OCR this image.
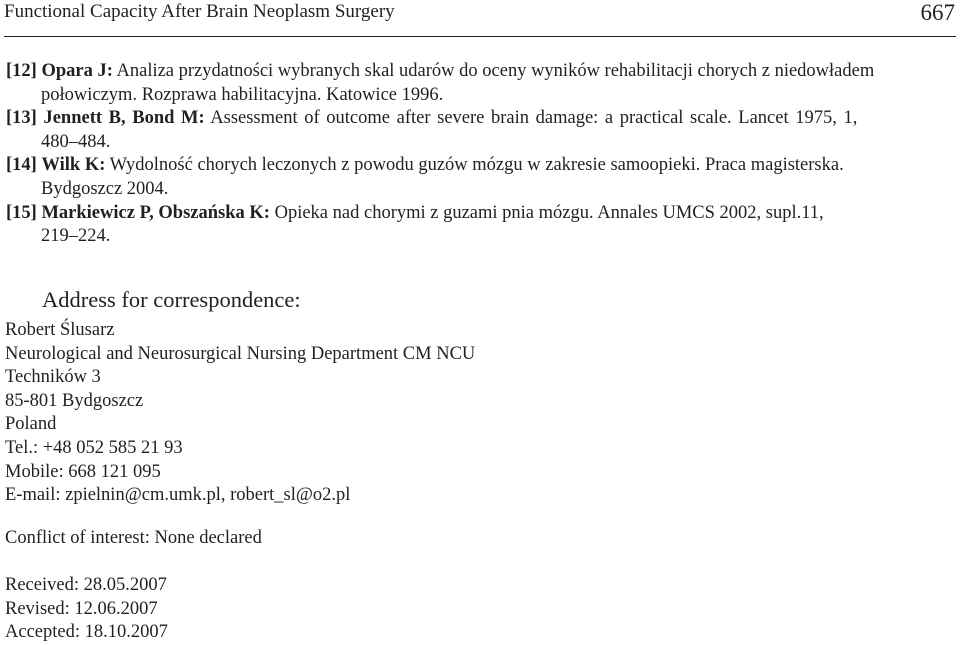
Functional Capacity After Brain Neoplasm Surgery	667
[12] Opara J: Analiza przydatności wybranych skal udarów do oceny wyników rehabilitacji chorych z niedowładem
połowiczym. Rozprawa habilitacyjna. Katowice 1996.
[13] Jennett B, Bond M: Assessment of outcome after severe brain damage: a practical scale. Lancet 1975, 1,
480–484.
[14] Wilk K: Wydolność chorych leczonych z powodu guzów mózgu w zakresie samoopieki. Praca magisterska.
Bydgoszcz 2004.
[15] Markiewicz P, Obszańska K: Opieka nad chorymi z guzami pnia mózgu. Annales UMCS 2002, supl.11,
219–224.
Address for correspondence:
Robert Ślusarz
Neurological and Neurosurgical Nursing Department CM NCU
Techników 3
85-801 Bydgoszcz
Poland
Tel.: +48 052 585 21 93
Mobile: 668 121 095
E-mail: zpielnin@cm.umk.pl, robert_sl@o2.pl
Conflict of interest: None declared
Received: 28.05.2007
Revised: 12.06.2007
Accepted: 18.10.2007
